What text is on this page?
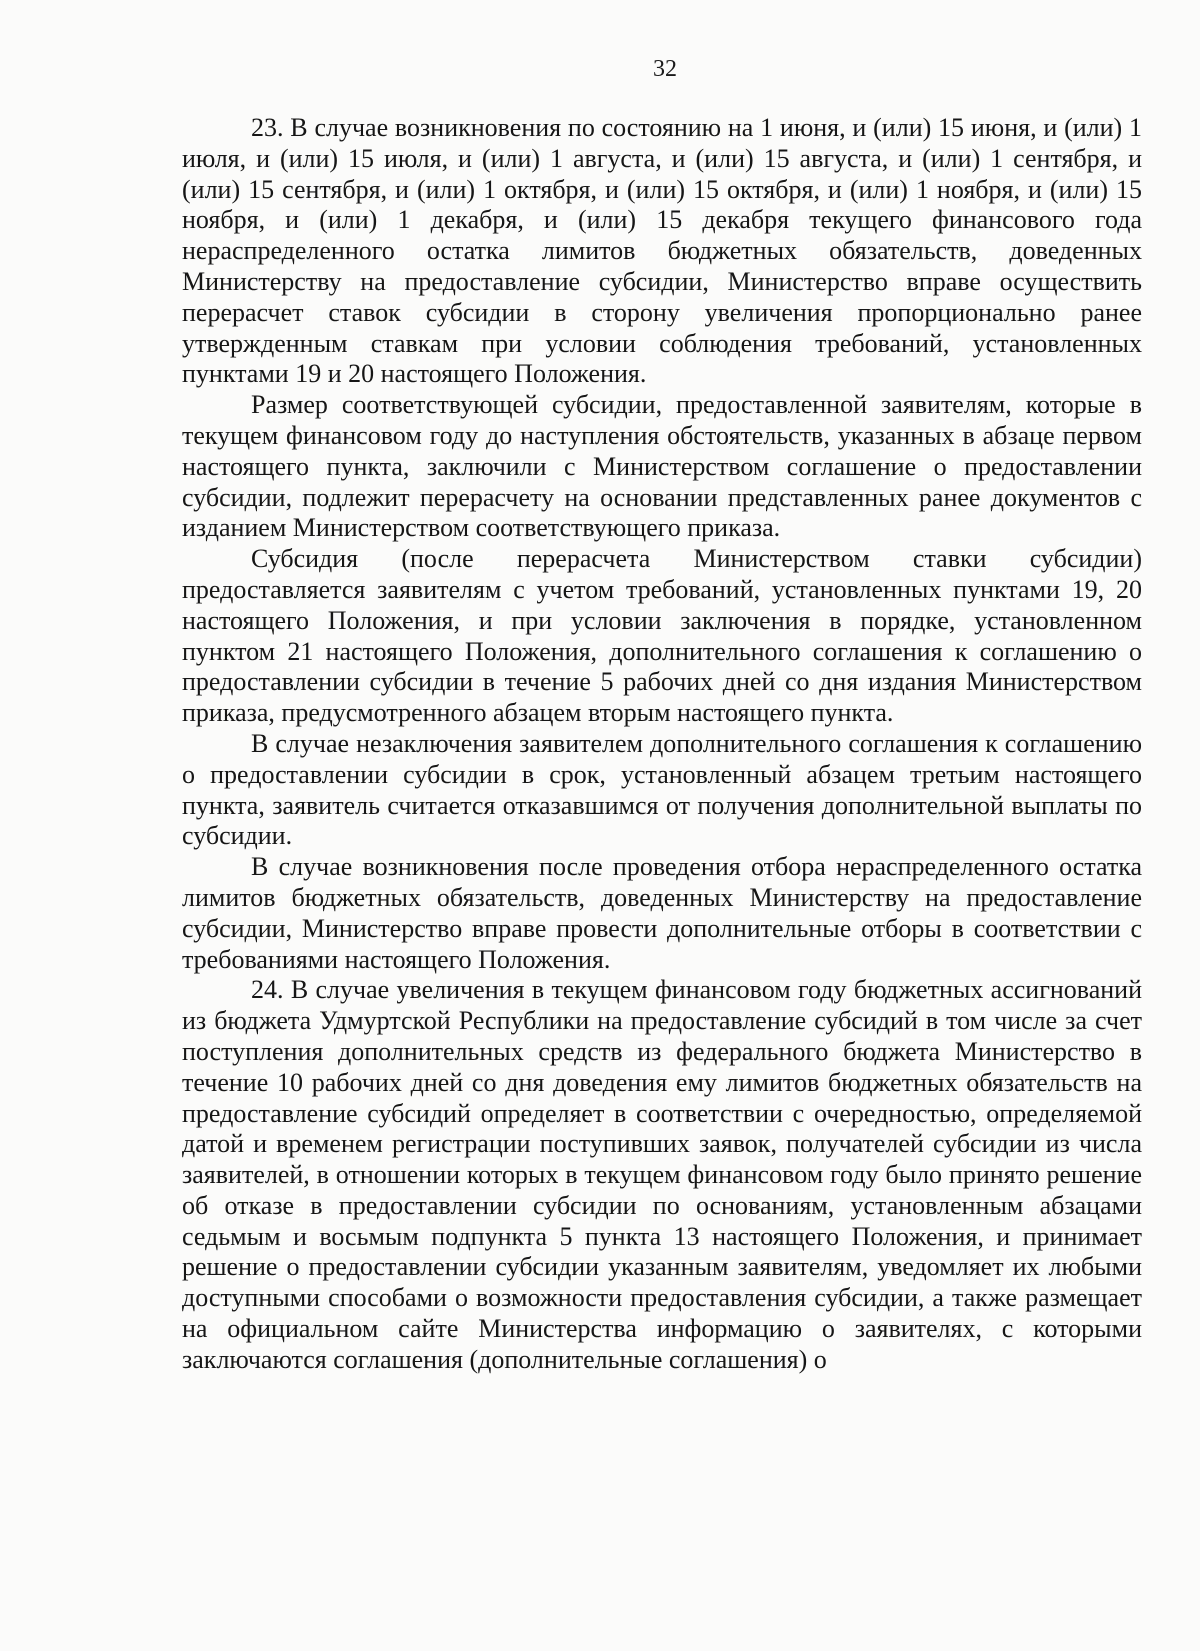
32

23. В случае возникновения по состоянию на 1 июня, и (или) 15 июня, и (или) 1 июля, и (или) 15 июля, и (или) 1 августа, и (или) 15 августа, и (или) 1 сентября, и (или) 15 сентября, и (или) 1 октября, и (или) 15 октября, и (или) 1 ноября, и (или) 15 ноября, и (или) 1 декабря, и (или) 15 декабря текущего финансового года нераспределенного остатка лимитов бюджетных обязательств, доведенных Министерству на предоставление субсидии, Министерство вправе осуществить перерасчет ставок субсидии в сторону увеличения пропорционально ранее утвержденным ставкам при условии соблюдения требований, установленных пунктами 19 и 20 настоящего Положения.

Размер соответствующей субсидии, предоставленной заявителям, которые в текущем финансовом году до наступления обстоятельств, указанных в абзаце первом настоящего пункта, заключили с Министерством соглашение о предоставлении субсидии, подлежит перерасчету на основании представленных ранее документов с изданием Министерством соответствующего приказа.

Субсидия (после перерасчета Министерством ставки субсидии) предоставляется заявителям с учетом требований, установленных пунктами 19, 20 настоящего Положения, и при условии заключения в порядке, установленном пунктом 21 настоящего Положения, дополнительного соглашения к соглашению о предоставлении субсидии в течение 5 рабочих дней со дня издания Министерством приказа, предусмотренного абзацем вторым настоящего пункта.

В случае незаключения заявителем дополнительного соглашения к соглашению о предоставлении субсидии в срок, установленный абзацем третьим настоящего пункта, заявитель считается отказавшимся от получения дополнительной выплаты по субсидии.

В случае возникновения после проведения отбора нераспределенного остатка лимитов бюджетных обязательств, доведенных Министерству на предоставление субсидии, Министерство вправе провести дополнительные отборы в соответствии с требованиями настоящего Положения.

24. В случае увеличения в текущем финансовом году бюджетных ассигнований из бюджета Удмуртской Республики на предоставление субсидий в том числе за счет поступления дополнительных средств из федерального бюджета Министерство в течение 10 рабочих дней со дня доведения ему лимитов бюджетных обязательств на предоставление субсидий определяет в соответствии с очередностью, определяемой датой и временем регистрации поступивших заявок, получателей субсидии из числа заявителей, в отношении которых в текущем финансовом году было принято решение об отказе в предоставлении субсидии по основаниям, установленным абзацами седьмым и восьмым подпункта 5 пункта 13 настоящего Положения, и принимает решение о предоставлении субсидии указанным заявителям, уведомляет их любыми доступными способами о возможности предоставления субсидии, а также размещает на официальном сайте Министерства информацию о заявителях, с которыми заключаются соглашения (дополнительные соглашения) о
